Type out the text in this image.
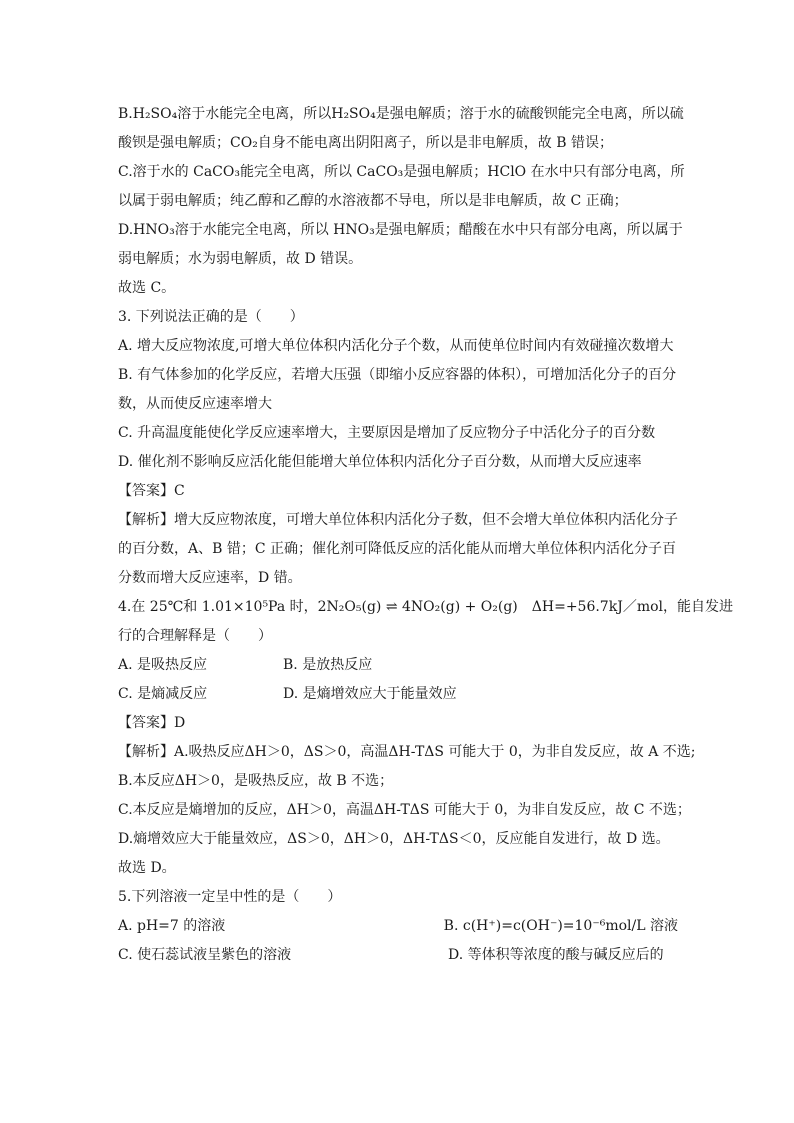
B.H₂SO₄溶于水能完全电离，所以H₂SO₄是强电解质；溶于水的硫酸钡能完全电离，所以硫

酸钡是强电解质；CO₂自身不能电离出阴阳离子，所以是非电解质，故 B 错误；

C.溶于水的 CaCO₃能完全电离，所以 CaCO₃是强电解质；HClO 在水中只有部分电离，所

以属于弱电解质；纯乙醇和乙醇的水溶液都不导电，所以是非电解质，故 C 正确；

D.HNO₃溶于水能完全电离，所以 HNO₃是强电解质；醋酸在水中只有部分电离，所以属于

弱电解质；水为弱电解质，故 D 错误。

故选 C。

3. 下列说法正确的是（　　）

A. 增大反应物浓度,可增大单位体积内活化分子个数，从而使单位时间内有效碰撞次数增大

B. 有气体参加的化学反应，若增大压强（即缩小反应容器的体积），可增加活化分子的百分

数，从而使反应速率增大

C. 升高温度能使化学反应速率增大，主要原因是增加了反应物分子中活化分子的百分数

D. 催化剂不影响反应活化能但能增大单位体积内活化分子百分数，从而增大反应速率

【答案】C

【解析】增大反应物浓度，可增大单位体积内活化分子数，但不会增大单位体积内活化分子

的百分数，A、B 错；C 正确；催化剂可降低反应的活化能从而增大单位体积内活化分子百

分数而增大反应速率，D 错。

4.在 25℃和 1.01×10⁵Pa 时，2N₂O₅(g) ⇌ 4NO₂(g) + O₂(g)　ΔH=+56.7kJ／mol，能自发进

行的合理解释是（　　）

A. 是吸热反应	B. 是放热反应
C. 是熵减反应	D. 是熵增效应大于能量效应

【答案】D

【解析】A.吸热反应ΔH＞0，ΔS＞0，高温ΔH-TΔS 可能大于 0，为非自发反应，故 A 不选;

B.本反应ΔH＞0，是吸热反应，故 B 不选；

C.本反应是熵增加的反应，ΔH＞0，高温ΔH-TΔS 可能大于 0，为非自发反应，故 C 不选；

D.熵增效应大于能量效应，ΔS＞0，ΔH＞0，ΔH-TΔS＜0，反应能自发进行，故 D 选。

故选 D。

5.下列溶液一定呈中性的是（　　）

A. pH=7 的溶液	B. c(H⁺)=c(OH⁻)=10⁻⁶mol/L 溶液
C. 使石蕊试液呈紫色的溶液	D. 等体积等浓度的酸与碱反应后的
